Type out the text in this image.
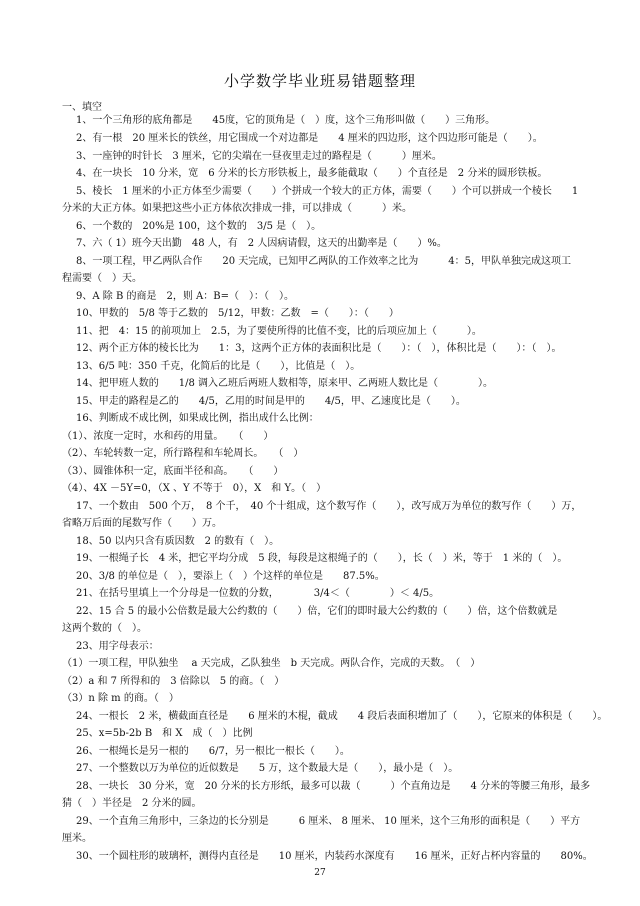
小学数学毕业班易错题整理
一、填空
1、一个三角形的底角都是　　45度，它的顶角是（　）度，这个三角形叫做（　　）三角形。
2、有一根　20 厘米长的铁丝，用它围成一个对边都是　　4 厘米的四边形，这个四边形可能是（　　）。
3、一座钟的时针长　3 厘米，它的尖端在一昼夜里走过的路程是（　　　）厘米。
4、在一块长　10 分米，宽　6 分米的长方形铁板上，最多能截取（　　）个直径是　2 分米的圆形铁板。
5、棱长　1 厘米的小正方体至少需要（　　）个拼成一个较大的正方体，需要（　　）个可以拼成一个棱长　　1
分米的大正方体。如果把这些小正方体依次排成一排，可以排成（　　　）米。
6、一个数的　20%是 100，这个数的　3/5 是（　）。
7、六（ 1）班今天出勤　48 人，有　2 人因病请假，这天的出勤率是（　　）%。
8、一项工程，甲乙两队合作　　20 天完成，已知甲乙两队的工作效率之比为　　　4：5，甲队单独完成这项工
程需要（　）天。
9、A 除 B 的商是　2，则 A：B=（　）：（　）。
10、甲数的　5/8 等于乙数的　5/12，甲数：乙数　=（　　）：（　　）
11、把　4：15 的前项加上　2.5，为了要使所得的比值不变，比的后项应加上（　　　）。
12、两个正方体的棱长比为　　1：3，这两个正方体的表面积比是（　　）：（　），体积比是（　　）：（　）。
13、6/5 吨：350 千克，化简后的比是（　　），比值是（　）。
14、把甲班人数的　　1/8 调入乙班后两班人数相等，原来甲、乙两班人数比是（　　　　）。
15、甲走的路程是乙的　　4/5，乙用的时间是甲的　　4/5，甲、乙速度比是（　　）。
16、判断成不成比例，如果成比例，指出成什么比例：
（1）、浓度一定时，水和药的用量。　　（　　）
（2）、车轮转数一定，所行路程和车轮周长。　　（　）
（3）、圆锥体积一定，底面半径和高。　　（　　）
（4）、4X －5Y=0，（X 、Y 不等于　0），X　和 Y。（　）
17、一个数由　500 个万，　8 个千，　40 个十组成，这个数写作（　　），改写成万为单位的数写作（　　）万，
省略万后面的尾数写作（　　）万。
18、50 以内只含有质因数　2 的数有（　）。
19、一根绳子长　4 米，把它平均分成　5 段，每段是这根绳子的（　　），长（　）米，等于　1 米的（　）。
20、3/8 的单位是（　），要添上（　）个这样的单位是　　87.5%。
21、在括号里填上一个分母是一位数的分数，　　　　3/4＜（　　　　）＜ 4/5。
22、15 合 5 的最小公倍数是最大公约数的（　　）倍，它们的即时最大公约数的（　　）倍，这个倍数就是
这两个数的（　）。
23、用字母表示：
（1）一项工程，甲队独坐　 a 天完成，乙队独坐　b 天完成。两队合作，完成的天数。　（　）
（2）a 和 7 所得和的　3 倍除以　5 的商。（　）
（3）n 除 m 的商。（　）
24、一根长　2 米，横截面直径是　　6 厘米的木棍，截成　　4 段后表面积增加了（　　），它原来的体积是（　　）。
25、x=5b-2b B　和 X　成（　）比例
26、一根绳长是另一根的　　6/7，另一根比一根长（　　）。
27、一个整数以万为单位的近似数是　　5 万，这个数最大是（　　），最小是（　）。
28、一块长　30 分米，宽　20 分米的长方形纸，最多可以裁（　　　）个直角边是　　4 分米的等腰三角形，最多
猜（　）半径是　2 分米的圆。
29、一个直角三角形中，三条边的长分别是　　　6 厘米、 8 厘米、 10 厘米，这个三角形的面积是（　　）平方
厘米。
30、一个圆柱形的玻璃杯，测得内直径是　　10 厘米，内装药水深度有　　16 厘米，正好占杯内容量的　　80%。
27
